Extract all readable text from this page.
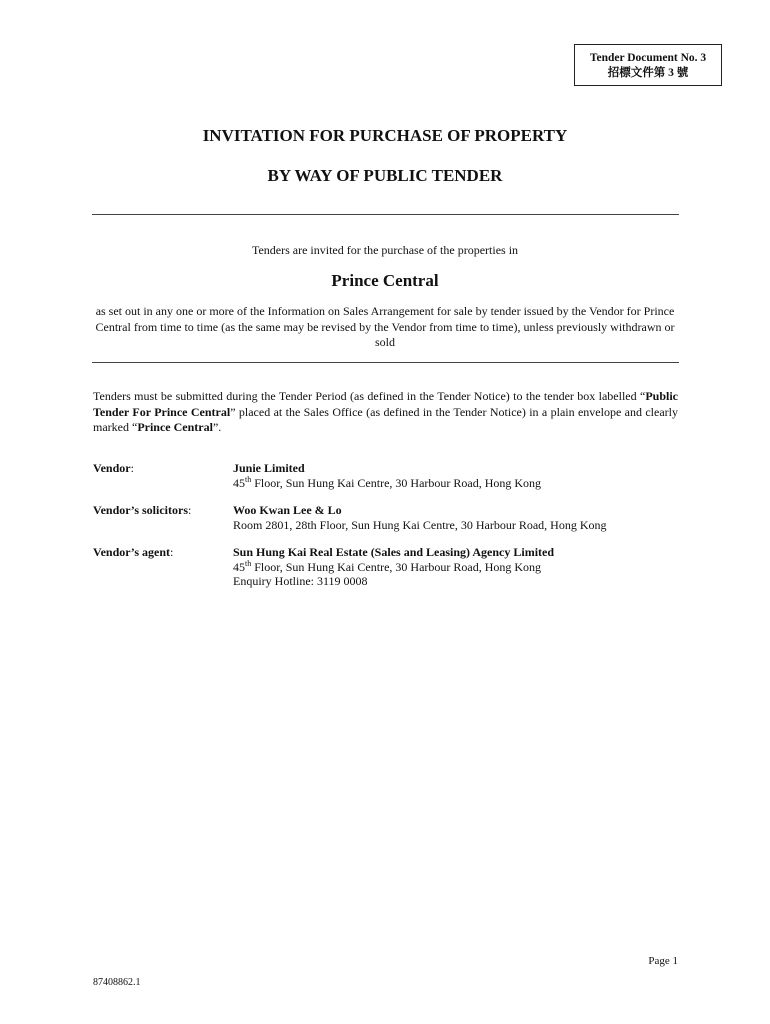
Tender Document No. 3
招標文件第 3 號
INVITATION FOR PURCHASE OF PROPERTY
BY WAY OF PUBLIC TENDER
Tenders are invited for the purchase of the properties in
Prince Central
as set out in any one or more of the Information on Sales Arrangement for sale by tender issued by the Vendor for Prince Central from time to time (as the same may be revised by the Vendor from time to time), unless previously withdrawn or sold
Tenders must be submitted during the Tender Period (as defined in the Tender Notice) to the tender box labelled “Public Tender For Prince Central” placed at the Sales Office (as defined in the Tender Notice) in a plain envelope and clearly marked “Prince Central”.
Vendor:	Junie Limited
45th Floor, Sun Hung Kai Centre, 30 Harbour Road, Hong Kong
Vendor’s solicitors:	Woo Kwan Lee & Lo
Room 2801, 28th Floor, Sun Hung Kai Centre, 30 Harbour Road, Hong Kong
Vendor’s agent:	Sun Hung Kai Real Estate (Sales and Leasing) Agency Limited
45th Floor, Sun Hung Kai Centre, 30 Harbour Road, Hong Kong
Enquiry Hotline: 3119 0008
Page 1
87408862.1
